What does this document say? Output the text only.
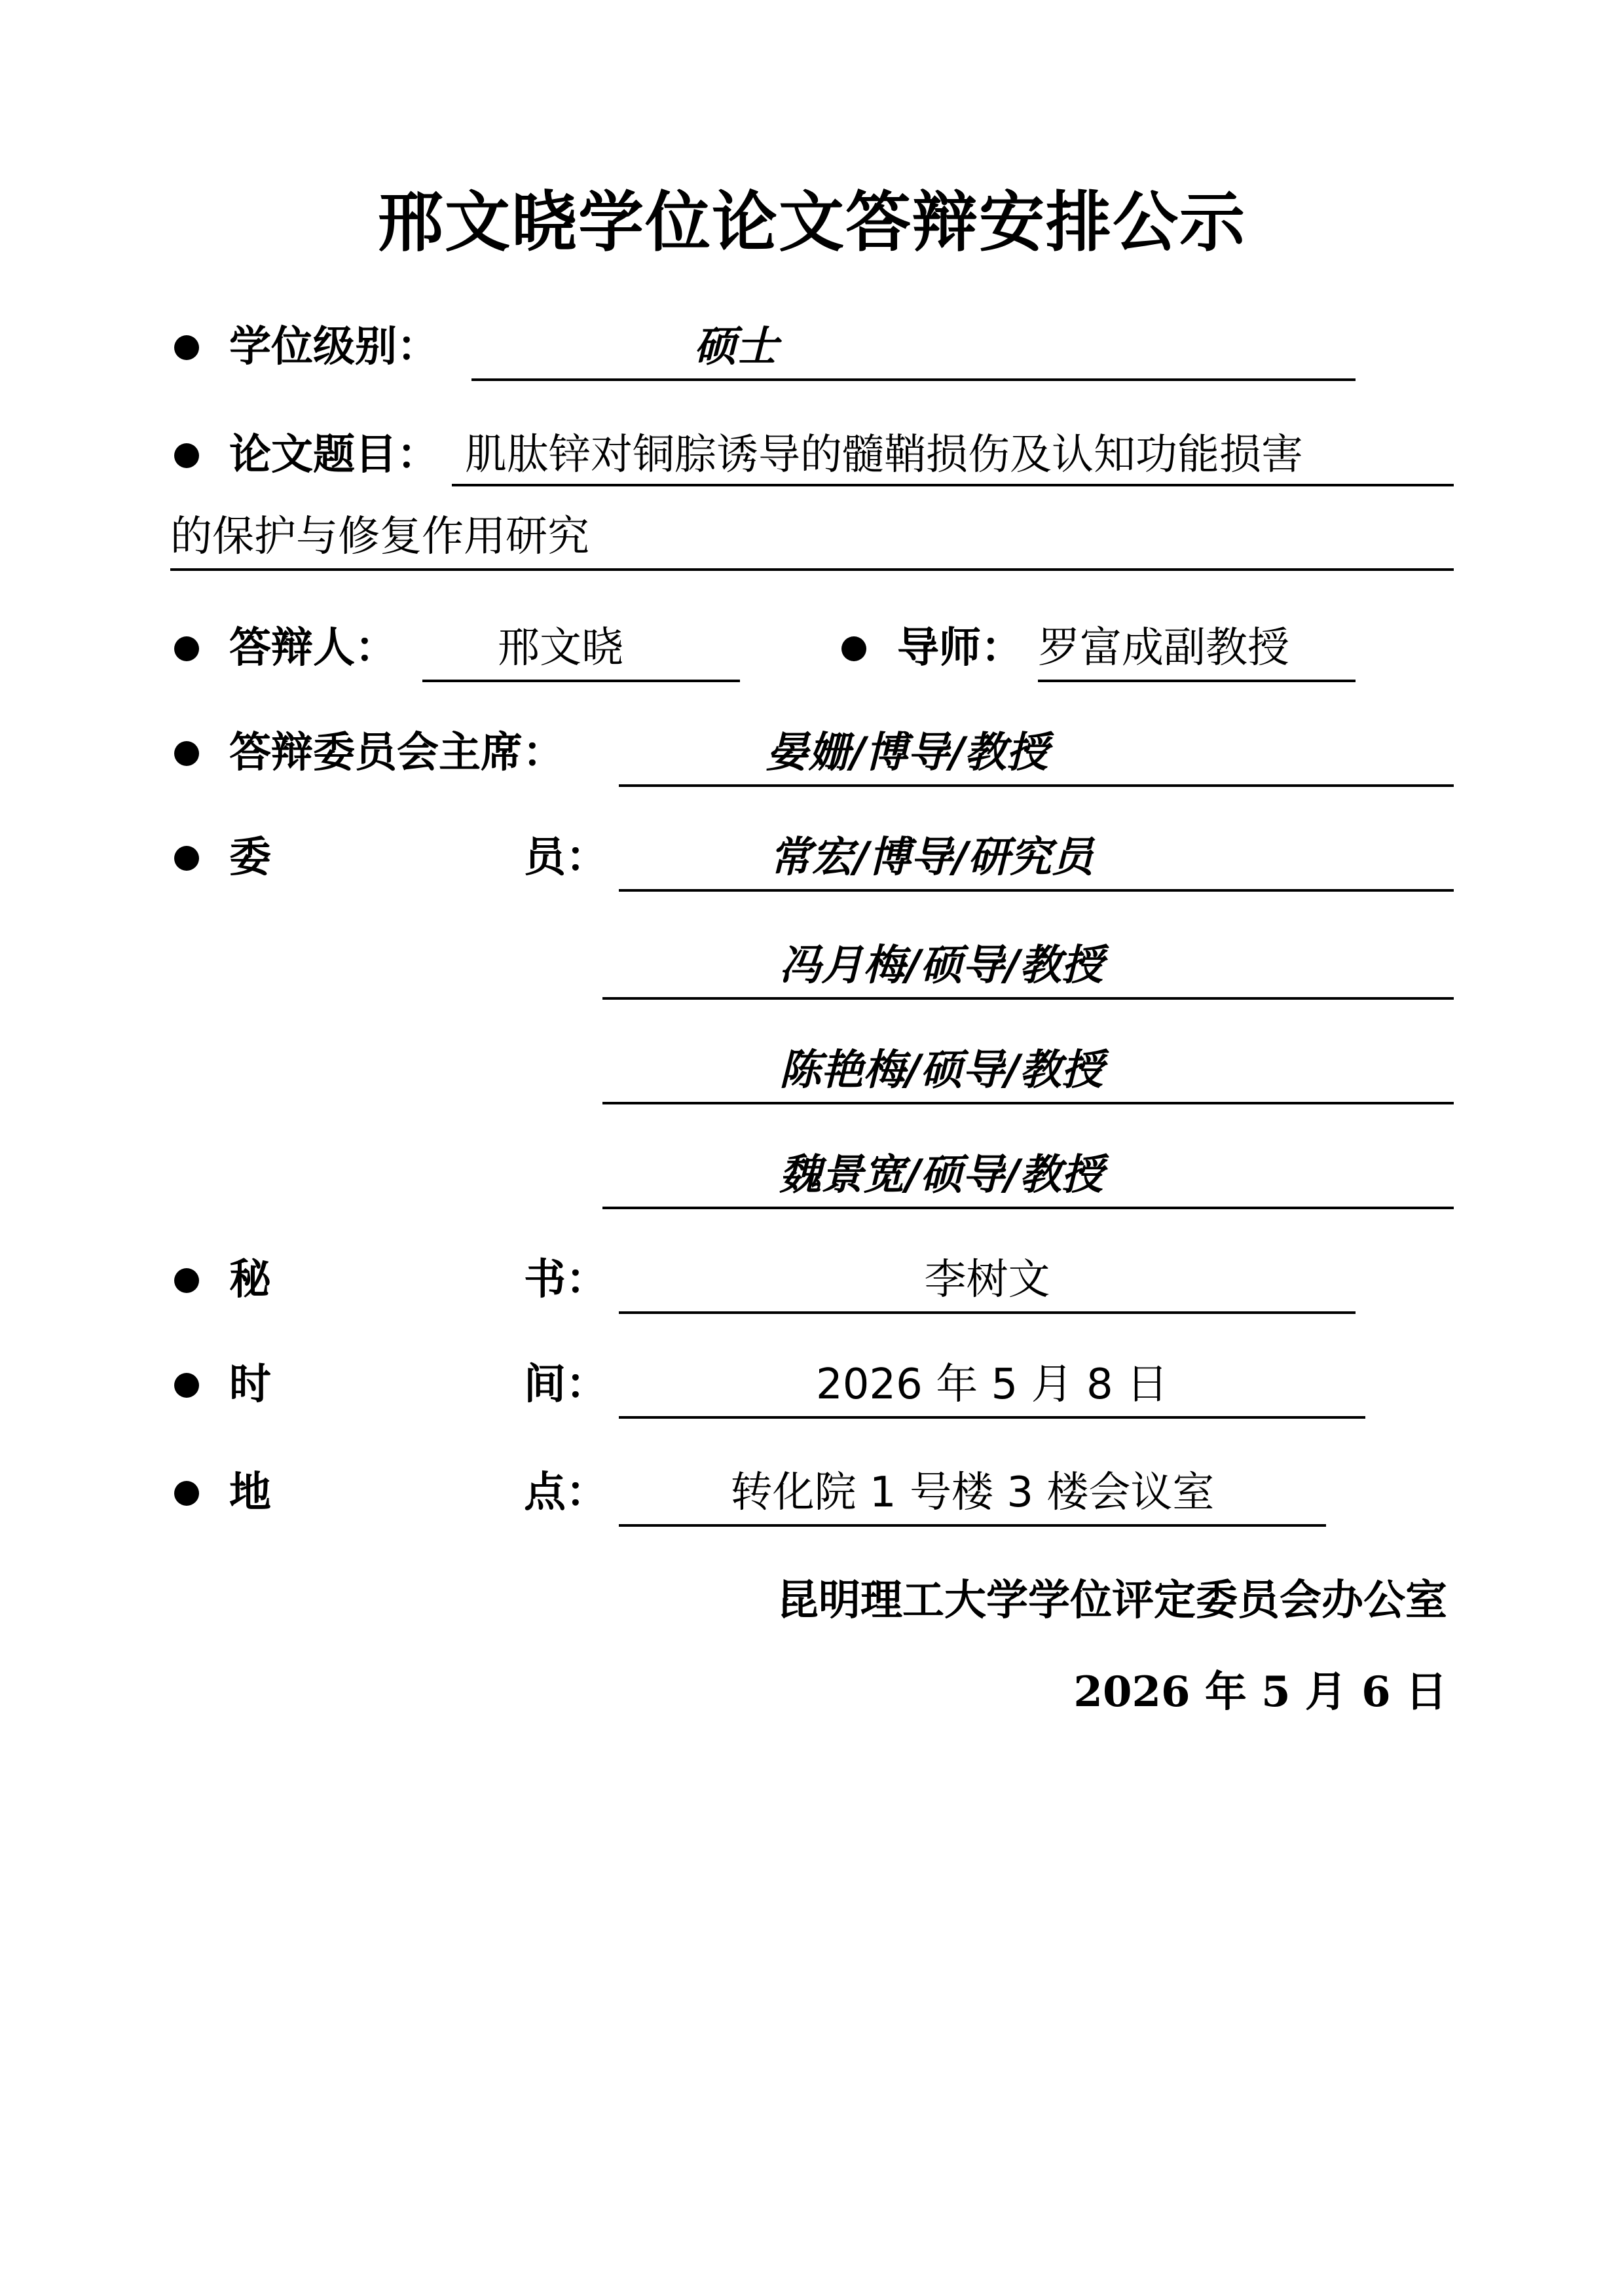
邢文晓学位论文答辩安排公示
学位级别：	硕士
论文题目： 肌肽锌对铜腙诱导的髓鞘损伤及认知功能损害
的保护与修复作用研究
答辩人： 邢文晓	导师： 罗富成副教授
答辩委员会主席：	晏姗/博导/教授
委	员：	常宏/博导/研究员
冯月梅/硕导/教授
陈艳梅/硕导/教授
魏景宽/硕导/教授
秘	书：	李树文
时	间：	2026 年 5 月 8 日
地	点：	转化院 1 号楼 3 楼会议室
昆明理工大学学位评定委员会办公室
2026 年 5 月 6 日
